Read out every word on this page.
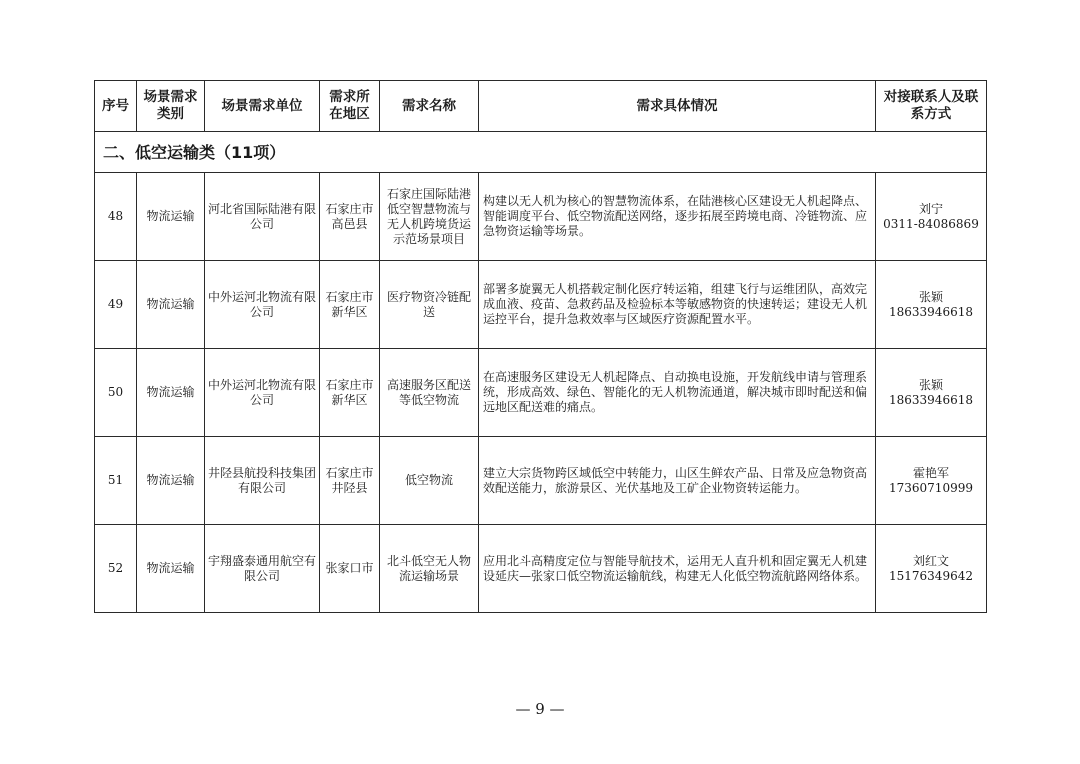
序号	场景需求类别	场景需求单位	需求所在地区	需求名称	需求具体情况	对接联系人及联系方式
二、低空运输类（11项）						
48	物流运输	河北省国际陆港有限公司	石家庄市高邑县	石家庄国际陆港低空智慧物流与无人机跨境货运示范场景项目	构建以无人机为核心的智慧物流体系，在陆港核心区建设无人机起降点、智能调度平台、低空物流配送网络，逐步拓展至跨境电商、冷链物流、应急物资运输等场景。	刘宁
0311-84086869

49	物流运输	中外运河北物流有限公司	石家庄市新华区	医疗物资冷链配送	部署多旋翼无人机搭载定制化医疗转运箱，组建飞行与运维团队，高效完成血液、疫苗、急救药品及检验标本等敏感物资的快速转运；建设无人机运控平台，提升急救效率与区域医疗资源配置水平。	张颖
18633946618

50	物流运输	中外运河北物流有限公司	石家庄市新华区	高速服务区配送等低空物流	在高速服务区建设无人机起降点、自动换电设施，开发航线申请与管理系统，形成高效、绿色、智能化的无人机物流通道，解决城市即时配送和偏远地区配送难的痛点。	张颖
18633946618

51	物流运输	井陉县航投科技集团有限公司	石家庄市井陉县	低空物流	建立大宗货物跨区域低空中转能力，山区生鲜农产品、日常及应急物资高效配送能力，旅游景区、光伏基地及工矿企业物资转运能力。	霍艳军
17360710999

52	物流运输	宇翔盛泰通用航空有限公司	张家口市	北斗低空无人物流运输场景	应用北斗高精度定位与智能导航技术，运用无人直升机和固定翼无人机建设延庆—张家口低空物流运输航线，构建无人化低空物流航路网络体系。	刘红文
15176349642
— 9 —
